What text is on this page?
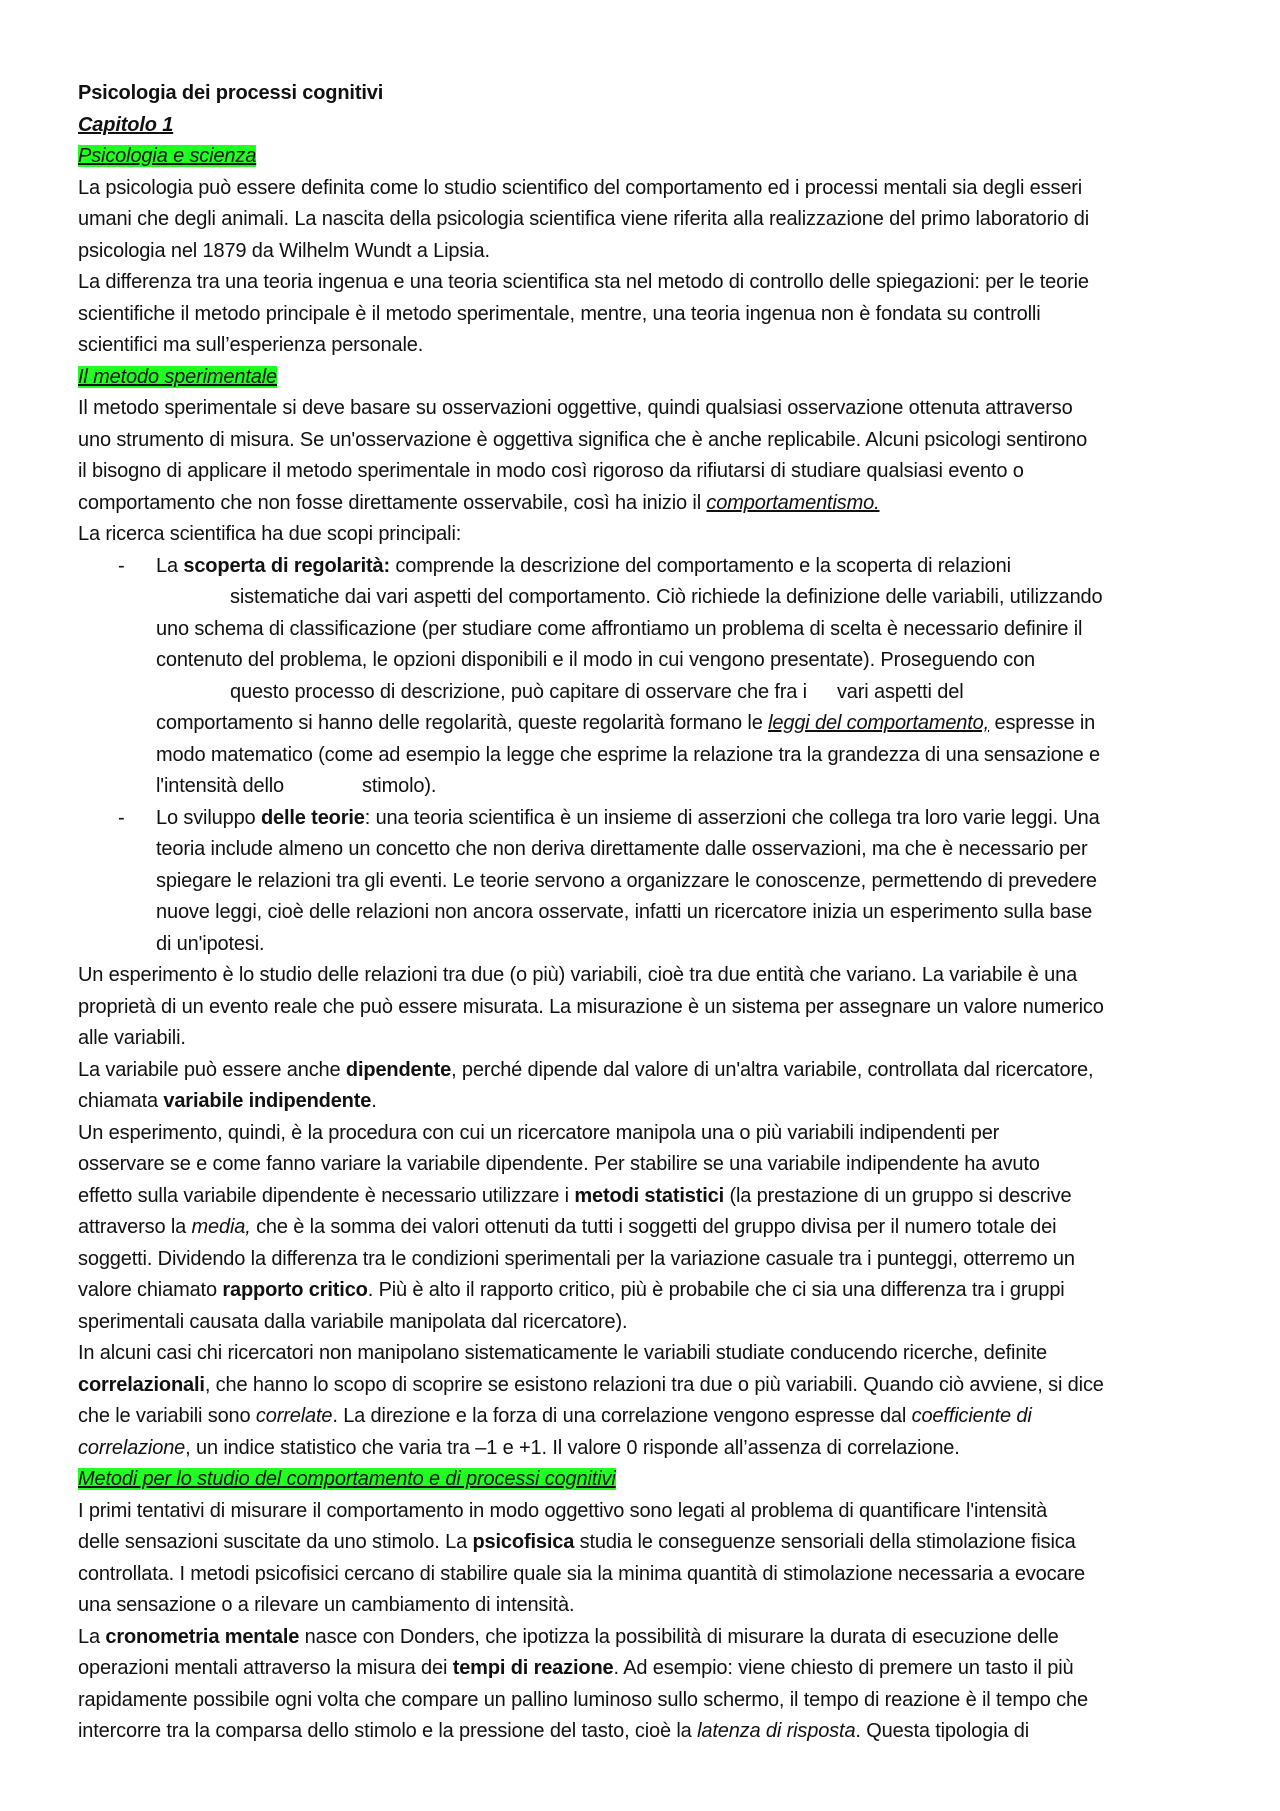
Psicologia dei processi cognitivi
Capitolo 1
Psicologia e scienza
La psicologia può essere definita come lo studio scientifico del comportamento ed i processi mentali sia degli esseri
umani che degli animali. La nascita della psicologia scientifica viene riferita alla realizzazione del primo laboratorio di
psicologia nel 1879 da Wilhelm Wundt a Lipsia.
La differenza tra una teoria ingenua e una teoria scientifica sta nel metodo di controllo delle spiegazioni: per le teorie
scientifiche il metodo principale è il metodo sperimentale, mentre, una teoria ingenua non è fondata su controlli
scientifici ma sull’esperienza personale.
Il metodo sperimentale
Il metodo sperimentale si deve basare su osservazioni oggettive, quindi qualsiasi osservazione ottenuta attraverso
uno strumento di misura. Se un'osservazione è oggettiva significa che è anche replicabile. Alcuni psicologi sentirono
il bisogno di applicare il metodo sperimentale in modo così rigoroso da rifiutarsi di studiare qualsiasi evento o
comportamento che non fosse direttamente osservabile, così ha inizio il comportamentismo.
La ricerca scientifica ha due scopi principali:
- La scoperta di regolarità: comprende la descrizione del comportamento e la scoperta di relazioni
sistematiche dai vari aspetti del comportamento. Ciò richiede la definizione delle variabili, utilizzando
uno schema di classificazione (per studiare come affrontiamo un problema di scelta è necessario definire il
contenuto del problema, le opzioni disponibili e il modo in cui vengono presentate). Proseguendo con
questo processo di descrizione, può capitare di osservare che fra i vari aspetti del
comportamento si hanno delle regolarità, queste regolarità formano le leggi del comportamento, espresse in
modo matematico (come ad esempio la legge che esprime la relazione tra la grandezza di una sensazione e
l'intensità dello	stimolo).
- Lo sviluppo delle teorie: una teoria scientifica è un insieme di asserzioni che collega tra loro varie leggi. Una
teoria include almeno un concetto che non deriva direttamente dalle osservazioni, ma che è necessario per
spiegare le relazioni tra gli eventi. Le teorie servono a organizzare le conoscenze, permettendo di prevedere
nuove leggi, cioè delle relazioni non ancora osservate, infatti un ricercatore inizia un esperimento sulla base
di un'ipotesi.
Un esperimento è lo studio delle relazioni tra due (o più) variabili, cioè tra due entità che variano. La variabile è una
proprietà di un evento reale che può essere misurata. La misurazione è un sistema per assegnare un valore numerico
alle variabili.
La variabile può essere anche dipendente, perché dipende dal valore di un'altra variabile, controllata dal ricercatore,
chiamata variabile indipendente.
Un esperimento, quindi, è la procedura con cui un ricercatore manipola una o più variabili indipendenti per
osservare se e come fanno variare la variabile dipendente. Per stabilire se una variabile indipendente ha avuto
effetto sulla variabile dipendente è necessario utilizzare i metodi statistici (la prestazione di un gruppo si descrive
attraverso la media, che è la somma dei valori ottenuti da tutti i soggetti del gruppo divisa per il numero totale dei
soggetti. Dividendo la differenza tra le condizioni sperimentali per la variazione casuale tra i punteggi, otterremo un
valore chiamato rapporto critico. Più è alto il rapporto critico, più è probabile che ci sia una differenza tra i gruppi
sperimentali causata dalla variabile manipolata dal ricercatore).
In alcuni casi chi ricercatori non manipolano sistematicamente le variabili studiate conducendo ricerche, definite
correlazionali, che hanno lo scopo di scoprire se esistono relazioni tra due o più variabili. Quando ciò avviene, si dice
che le variabili sono correlate. La direzione e la forza di una correlazione vengono espresse dal coefficiente di
correlazione, un indice statistico che varia tra –1 e +1. Il valore 0 risponde all’assenza di correlazione.
Metodi per lo studio del comportamento e di processi cognitivi
I primi tentativi di misurare il comportamento in modo oggettivo sono legati al problema di quantificare l'intensità
delle sensazioni suscitate da uno stimolo. La psicofisica studia le conseguenze sensoriali della stimolazione fisica
controllata. I metodi psicofisici cercano di stabilire quale sia la minima quantità di stimolazione necessaria a evocare
una sensazione o a rilevare un cambiamento di intensità.
La cronometria mentale nasce con Donders, che ipotizza la possibilità di misurare la durata di esecuzione delle
operazioni mentali attraverso la misura dei tempi di reazione. Ad esempio: viene chiesto di premere un tasto il più
rapidamente possibile ogni volta che compare un pallino luminoso sullo schermo, il tempo di reazione è il tempo che
intercorre tra la comparsa dello stimolo e la pressione del tasto, cioè la latenza di risposta. Questa tipologia di
